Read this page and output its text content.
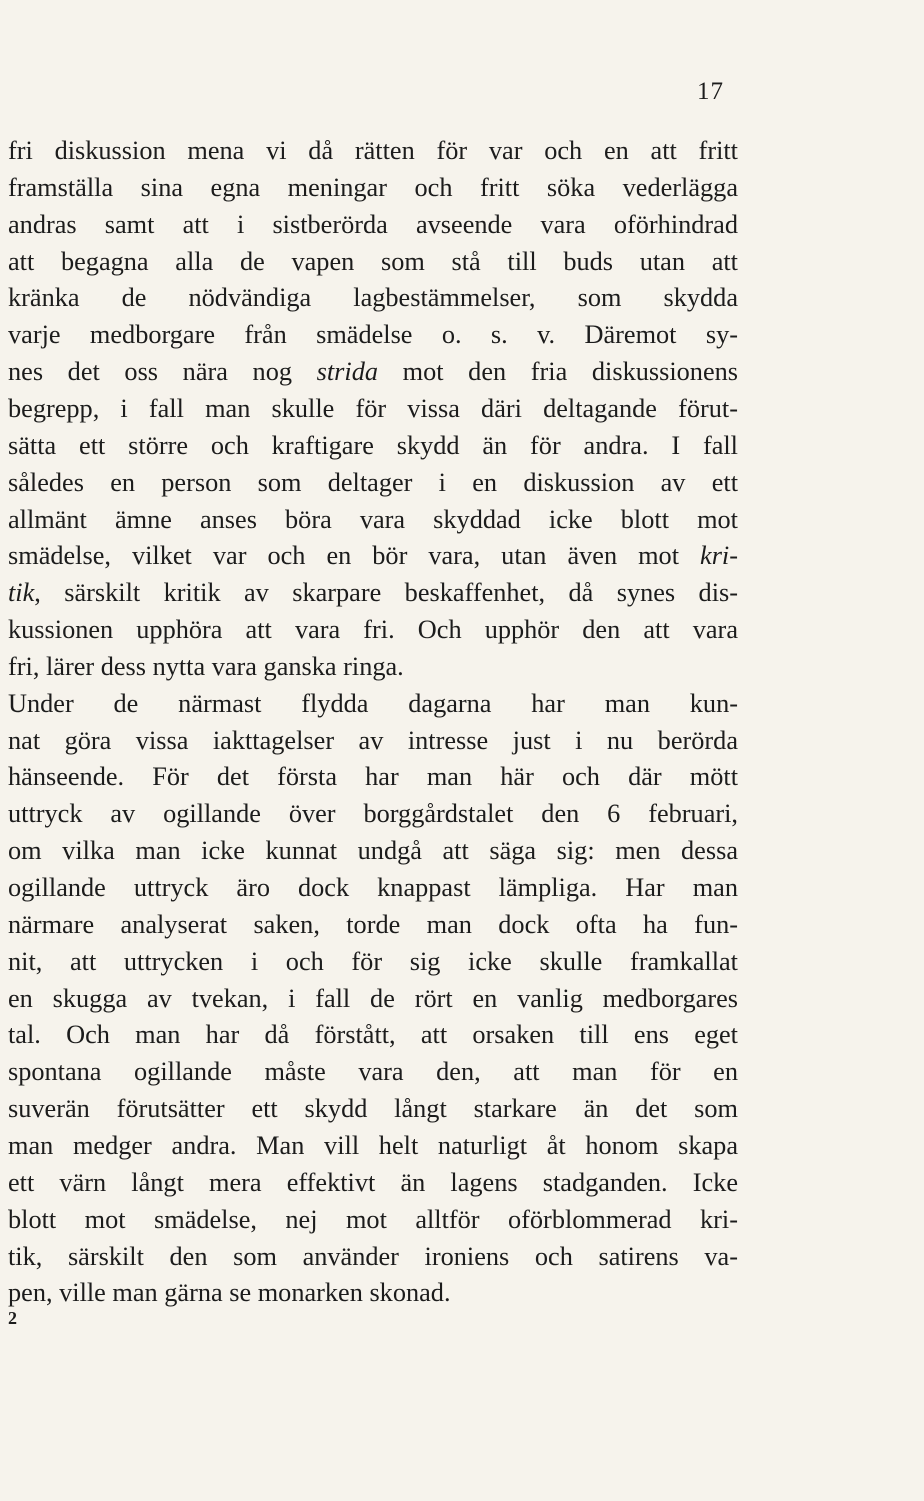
17
fri diskussion mena vi då rätten för var och en att fritt
framställa sina egna meningar och fritt söka vederlägga
andras samt att i sistberörda avseende vara oförhindrad
att begagna alla de vapen som stå till buds utan att
kränka de nödvändiga lagbestämmelser, som skydda
varje medborgare från smädelse o. s. v. Däremot sy-
nes det oss nära nog strida mot den fria diskussionens
begrepp, i fall man skulle för vissa däri deltagande förut-
sätta ett större och kraftigare skydd än för andra. I fall
således en person som deltager i en diskussion av ett
allmänt ämne anses böra vara skyddad icke blott mot
smädelse, vilket var och en bör vara, utan även mot kri-
tik, särskilt kritik av skarpare beskaffenhet, då synes dis-
kussionen upphöra att vara fri. Och upphör den att vara
fri, lärer dess nytta vara ganska ringa.
Under de närmast flydda dagarna har man kun-
nat göra vissa iakttagelser av intresse just i nu berörda
hänseende. För det första har man här och där mött
uttryck av ogillande över borggårdstalet den 6 februari,
om vilka man icke kunnat undgå att säga sig: men dessa
ogillande uttryck äro dock knappast lämpliga. Har man
närmare analyserat saken, torde man dock ofta ha fun-
nit, att uttrycken i och för sig icke skulle framkallat
en skugga av tvekan, i fall de rört en vanlig medborgares
tal. Och man har då förstått, att orsaken till ens eget
spontana ogillande måste vara den, att man för en
suverän förutsätter ett skydd långt starkare än det som
man medger andra. Man vill helt naturligt åt honom skapa
ett värn långt mera effektivt än lagens stadganden. Icke
blott mot smädelse, nej mot alltför oförblommerad kri-
tik, särskilt den som använder ironiens och satirens va-
pen, ville man gärna se monarken skonad.
2
